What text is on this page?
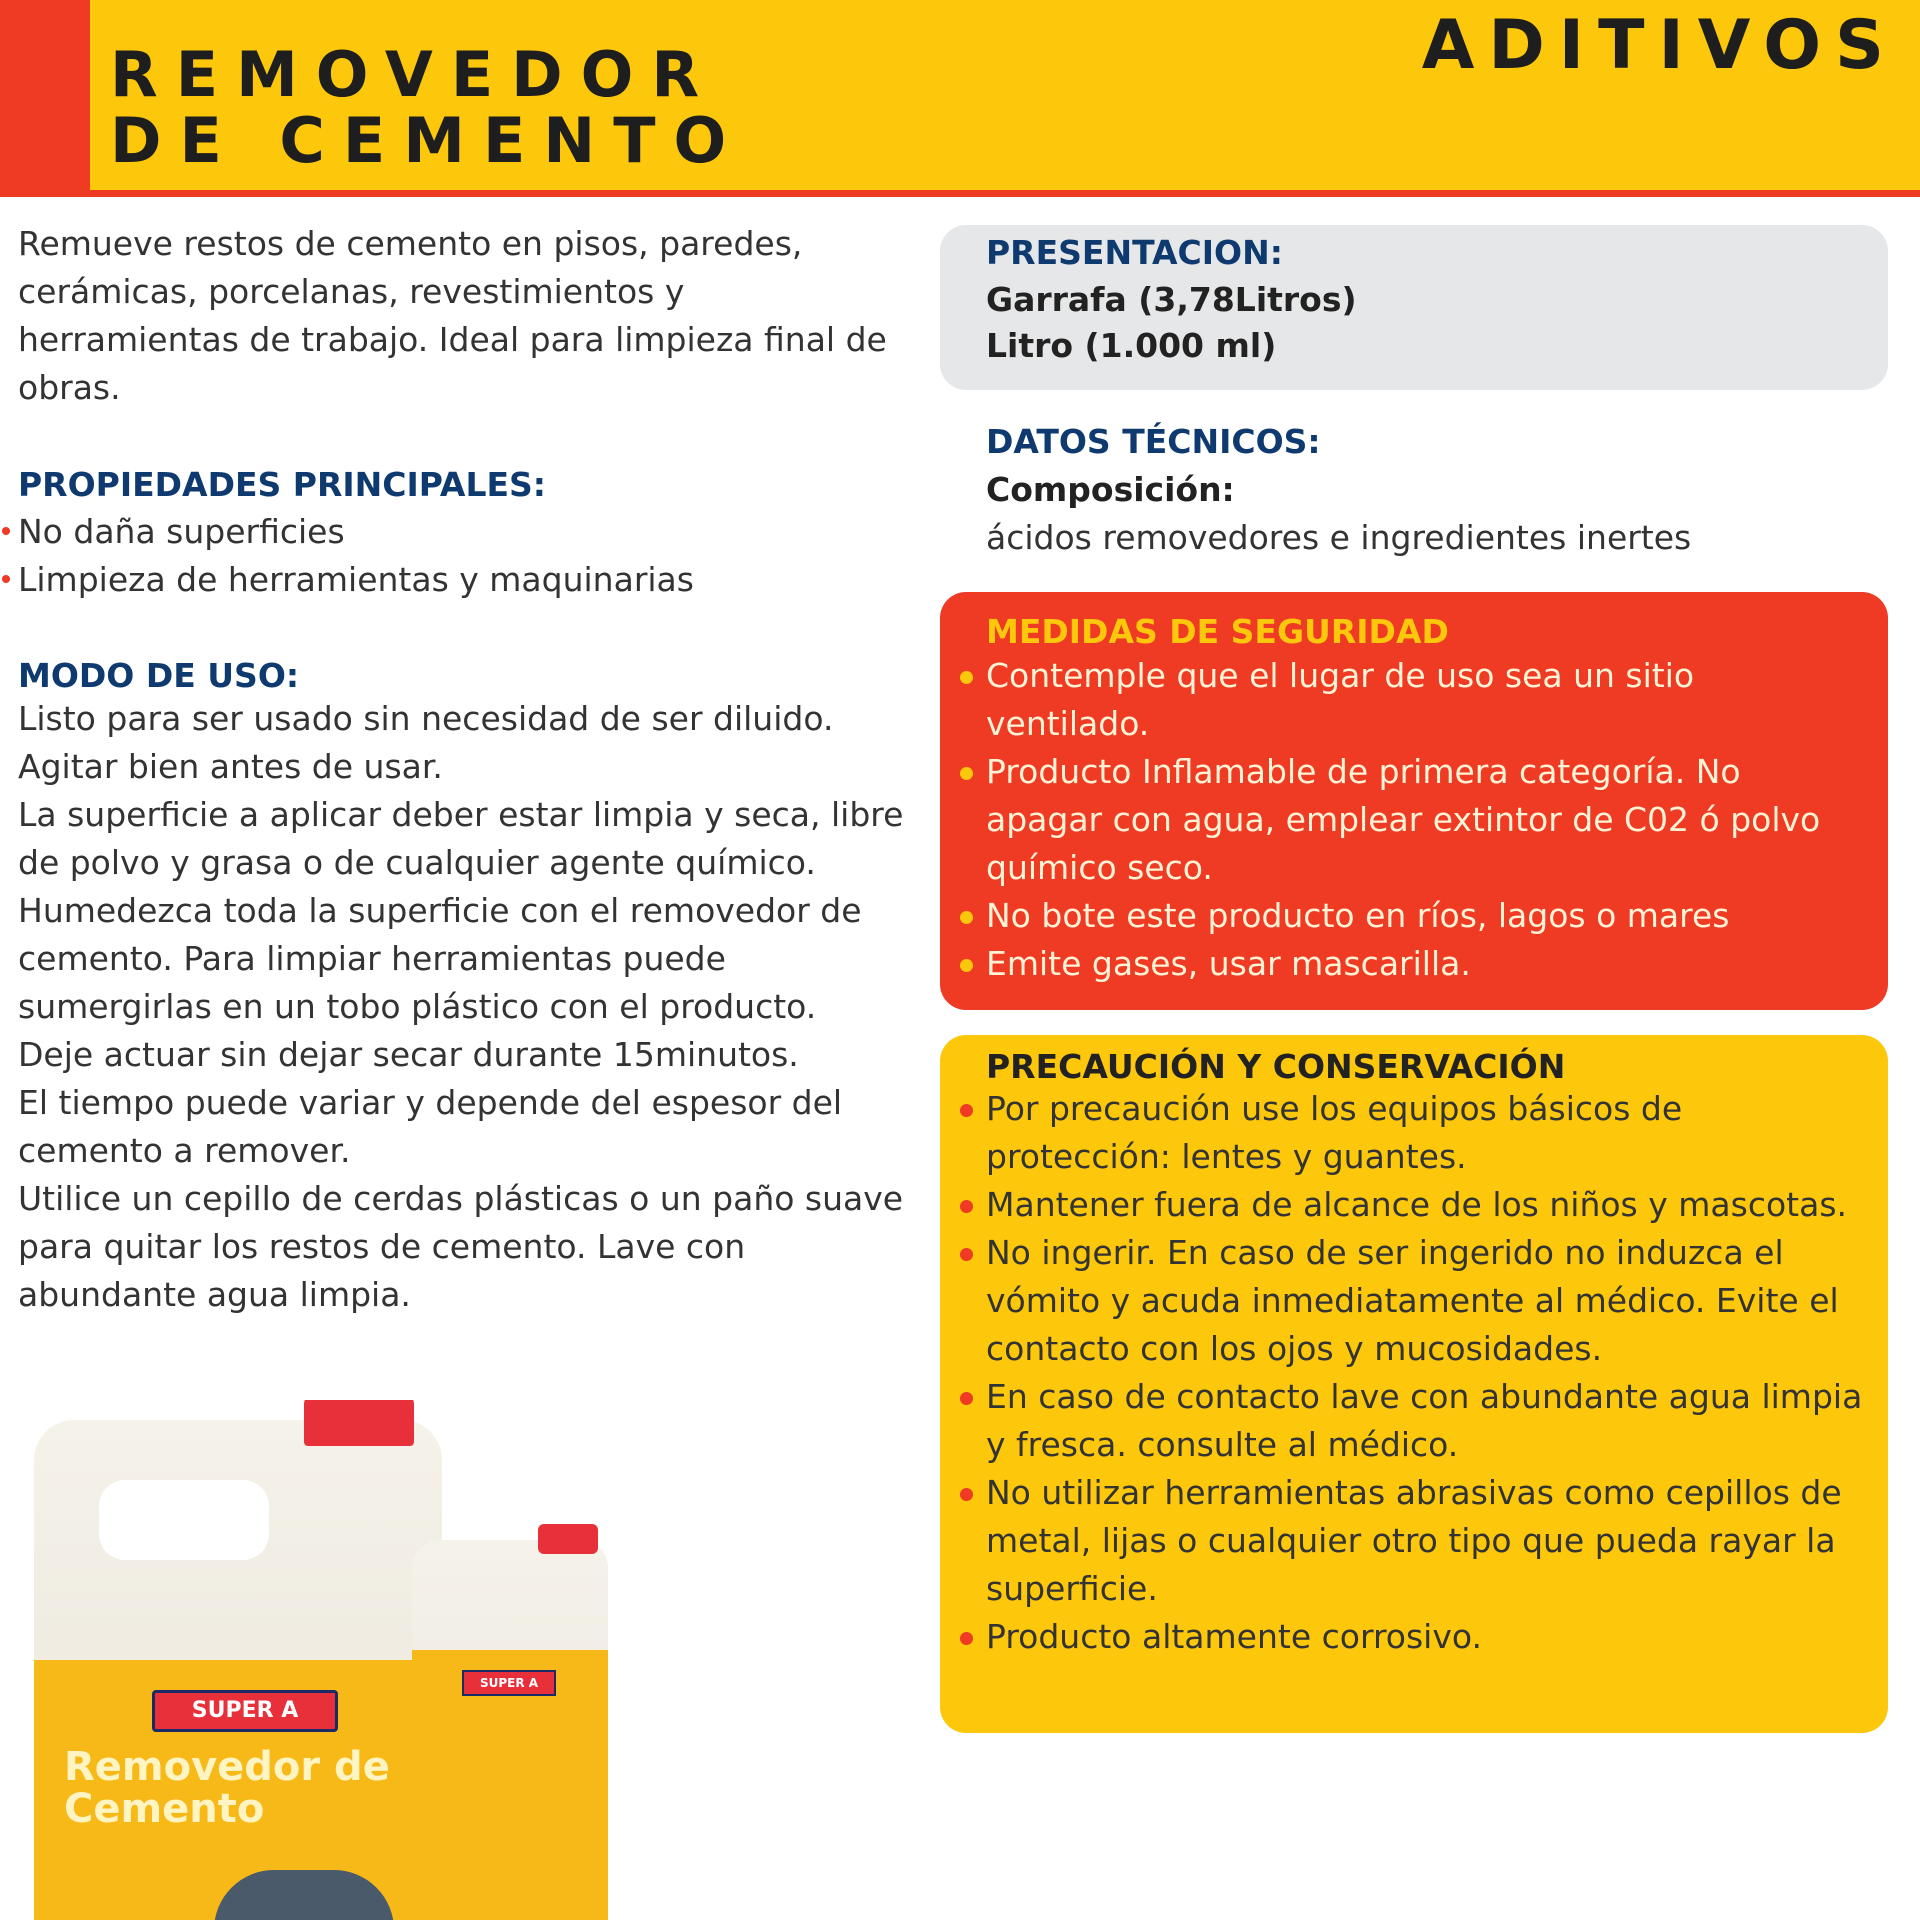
REMOVEDOR
DE CEMENTO
ADITIVOS

Remueve restos de cemento en pisos, paredes, cerámicas, porcelanas, revestimientos y herramientas de trabajo. Ideal para limpieza final de obras.

PROPIEDADES PRINCIPALES:
No daña superficies
Limpieza de herramientas y maquinarias
MODO DE USO:

Listo para ser usado sin necesidad de ser diluido.

Agitar bien antes de usar.

La superficie a aplicar deber estar limpia y seca, libre de polvo y grasa o de cualquier agente químico.

Humedezca toda la superficie con el removedor de cemento. Para limpiar herramientas puede sumergirlas en un tobo plástico con el producto.

Deje actuar sin dejar secar durante 15minutos.

El tiempo puede variar y depende del espesor del cemento a remover.

Utilice un cepillo de cerdas plásticas o un paño suave para quitar los restos de cemento. Lave con abundante agua limpia.

PRESENTACION:
Garrafa (3,78Litros)
Litro (1.000 ml)
DATOS TÉCNICOS:

Composición:

ácidos removedores e ingredientes inertes

MEDIDAS DE SEGURIDAD
Contemple que el lugar de uso sea un sitio ventilado.
Producto Inflamable de primera categoría. No apagar con agua, emplear extintor de C02 ó polvo químico seco.
No bote este producto en ríos, lagos o mares
Emite gases, usar mascarilla.
PRECAUCIÓN Y CONSERVACIÓN
Por precaución use los equipos básicos de protección: lentes y guantes.
Mantener fuera de alcance de los niños y mascotas.
No ingerir. En caso de ser ingerido no induzca el vómito y acuda inmediatamente al médico. Evite el contacto con los ojos y mucosidades.
En caso de contacto lave con abundante agua limpia y fresca. consulte al médico.
No utilizar herramientas abrasivas como cepillos de metal, lijas o cualquier otro tipo que pueda rayar la superficie.
Producto altamente corrosivo.
SUPER A

Removedor de Cemento

SUPER A
